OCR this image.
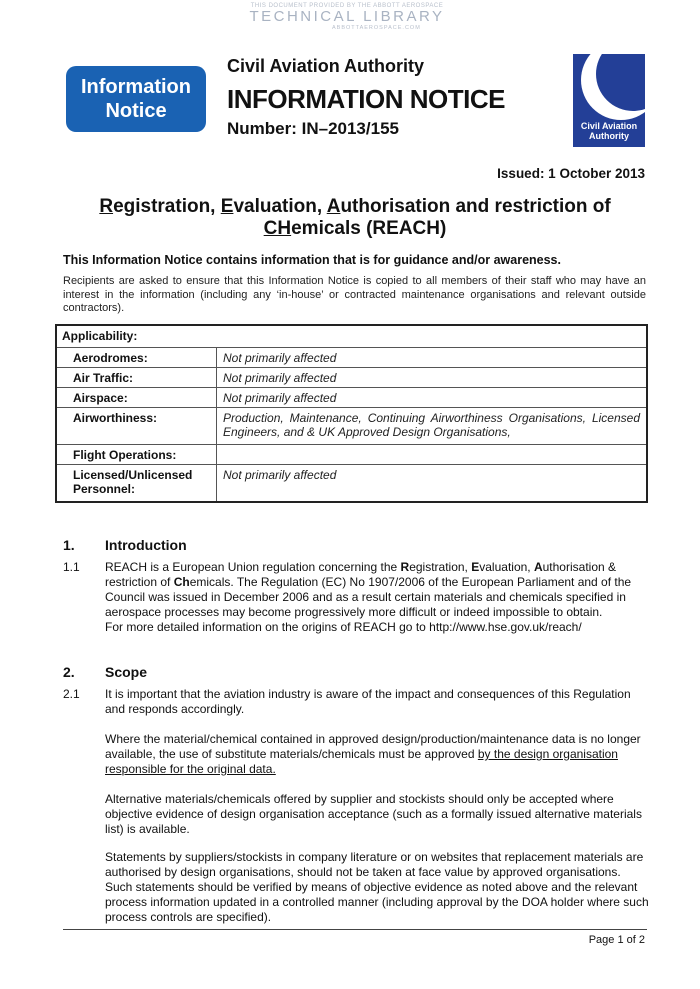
THIS DOCUMENT PROVIDED BY THE ABBOTT AEROSPACE
TECHNICAL LIBRARY
ABBOTTAEROSPACE.COM
Information
Notice
Civil Aviation Authority
INFORMATION NOTICE
Number: IN–2013/155	Civil Aviation
Authority
Issued: 1 October 2013
Registration, Evaluation, Authorisation and restriction of
CHemicals (REACH)
This Information Notice contains information that is for guidance and/or awareness.
Recipients are asked to ensure that this Information Notice is copied to all members of their staff who may have an interest in the information (including any ‘in-house’ or contracted maintenance organisations and relevant outside contractors).
Applicability:	
Aerodromes:	Not primarily affected
Air Traffic:	Not primarily affected
Airspace:	Not primarily affected
Airworthiness:	Production, Maintenance, Continuing Airworthiness Organisations, Licensed Engineers, and & UK Approved Design Organisations,
Flight Operations:	
Licensed/Unlicensed Personnel:	Not primarily affected
1. Introduction
1.1 REACH is a European Union regulation concerning the Registration, Evaluation, Authorisation & restriction of Chemicals. The Regulation (EC) No 1907/2006 of the European Parliament and of the Council was issued in December 2006 and as a result certain materials and chemicals specified in aerospace processes may become progressively more difficult or indeed impossible to obtain.
For more detailed information on the origins of REACH go to http://www.hse.gov.uk/reach/
2. Scope
2.1 It is important that the aviation industry is aware of the impact and consequences of this Regulation and responds accordingly.
Where the material/chemical contained in approved design/production/maintenance data is no longer available, the use of substitute materials/chemicals must be approved by the design organisation responsible for the original data.
Alternative materials/chemicals offered by supplier and stockists should only be accepted where objective evidence of design organisation acceptance (such as a formally issued alternative materials list) is available.
Statements by suppliers/stockists in company literature or on websites that replacement materials are authorised by design organisations, should not be taken at face value by approved organisations. Such statements should be verified by means of objective evidence as noted above and the relevant process information updated in a controlled manner (including approval by the DOA holder where such process controls are specified).
Page 1 of 2
